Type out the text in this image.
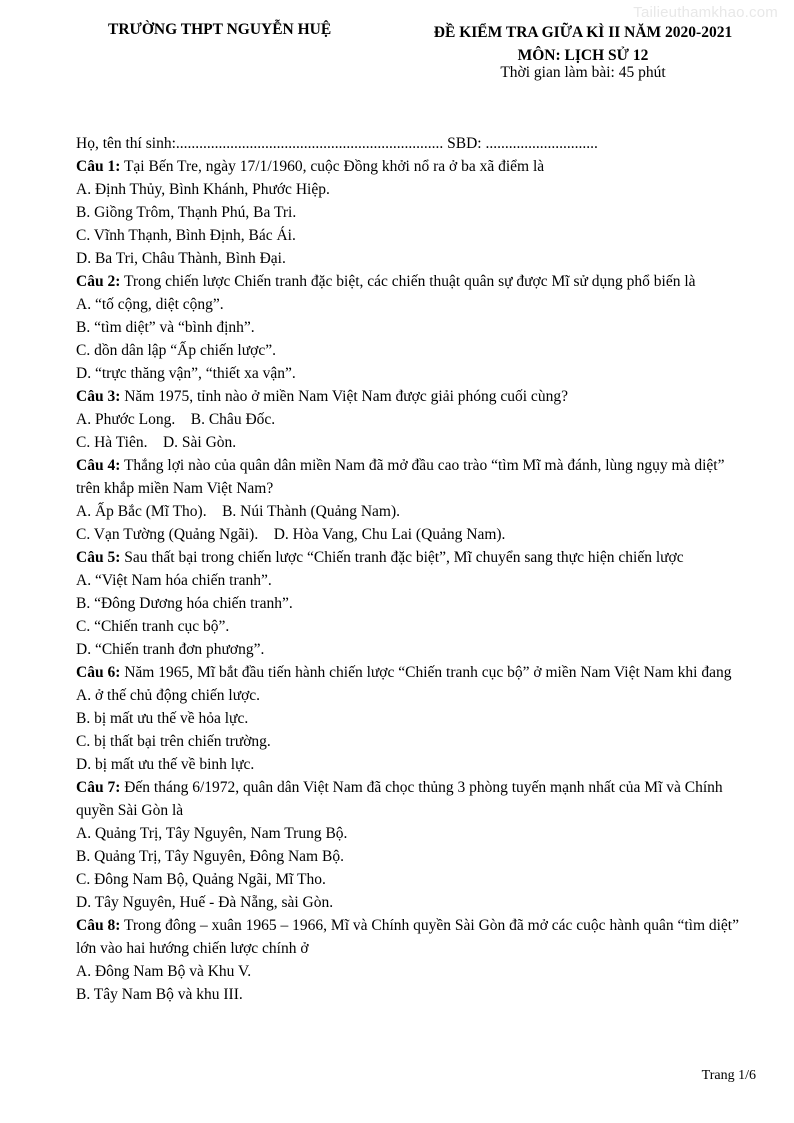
Tailieuthamkhao.com
TRƯỜNG THPT NGUYỄN HUỆ	ĐỀ KIỂM TRA GIỮA KÌ II NĂM 2020-2021
MÔN: LỊCH SỬ 12
Thời gian làm bài: 45 phút
Họ, tên thí sinh:..................................................................... SBD: .............................
Câu 1: Tại Bến Tre, ngày 17/1/1960, cuộc Đồng khởi nổ ra ở ba xã điểm là
A. Định Thủy, Bình Khánh, Phước Hiệp.
B. Giồng Trôm, Thạnh Phú, Ba Tri.
C. Vĩnh Thạnh, Bình Định, Bác Ái.
D. Ba Tri, Châu Thành, Bình Đại.
Câu 2: Trong chiến lược Chiến tranh đặc biệt, các chiến thuật quân sự được Mĩ sử dụng phổ biến là
A. “tố cộng, diệt cộng”.
B. “tìm diệt” và “bình định”.
C. dồn dân lập “Ấp chiến lược”.
D. “trực thăng vận”, “thiết xa vận”.
Câu 3: Năm 1975, tỉnh nào ở miền Nam Việt Nam được giải phóng cuối cùng?
A. Phước Long.    B. Châu Đốc.
C. Hà Tiên.    D. Sài Gòn.
Câu 4: Thắng lợi nào của quân dân miền Nam đã mở đầu cao trào “tìm Mĩ mà đánh, lùng ngụy mà diệt” trên khắp miền Nam Việt Nam?
A. Ấp Bắc (Mĩ Tho).    B. Núi Thành (Quảng Nam).
C. Vạn Tường (Quảng Ngãi).    D. Hòa Vang, Chu Lai (Quảng Nam).
Câu 5: Sau thất bại trong chiến lược “Chiến tranh đặc biệt”, Mĩ chuyển sang thực hiện chiến lược
A. “Việt Nam hóa chiến tranh”.
B. “Đông Dương hóa chiến tranh”.
C. “Chiến tranh cục bộ”.
D. “Chiến tranh đơn phương”.
Câu 6: Năm 1965, Mĩ bắt đầu tiến hành chiến lược “Chiến tranh cục bộ” ở miền Nam Việt Nam khi đang
A. ở thế chủ động chiến lược.
B. bị mất ưu thế về hỏa lực.
C. bị thất bại trên chiến trường.
D. bị mất ưu thế về binh lực.
Câu 7: Đến tháng 6/1972, quân dân Việt Nam đã chọc thủng 3 phòng tuyến mạnh nhất của Mĩ và Chính quyền Sài Gòn là
A. Quảng Trị, Tây Nguyên, Nam Trung Bộ.
B. Quảng Trị, Tây Nguyên, Đông Nam Bộ.
C. Đông Nam Bộ, Quảng Ngãi, Mĩ Tho.
D. Tây Nguyên, Huế - Đà Nẵng, sài Gòn.
Câu 8: Trong đông – xuân 1965 – 1966, Mĩ và Chính quyền Sài Gòn đã mở các cuộc hành quân “tìm diệt” lớn vào hai hướng chiến lược chính ở
A. Đông Nam Bộ và Khu V.
B. Tây Nam Bộ và khu III.
Trang 1/6
